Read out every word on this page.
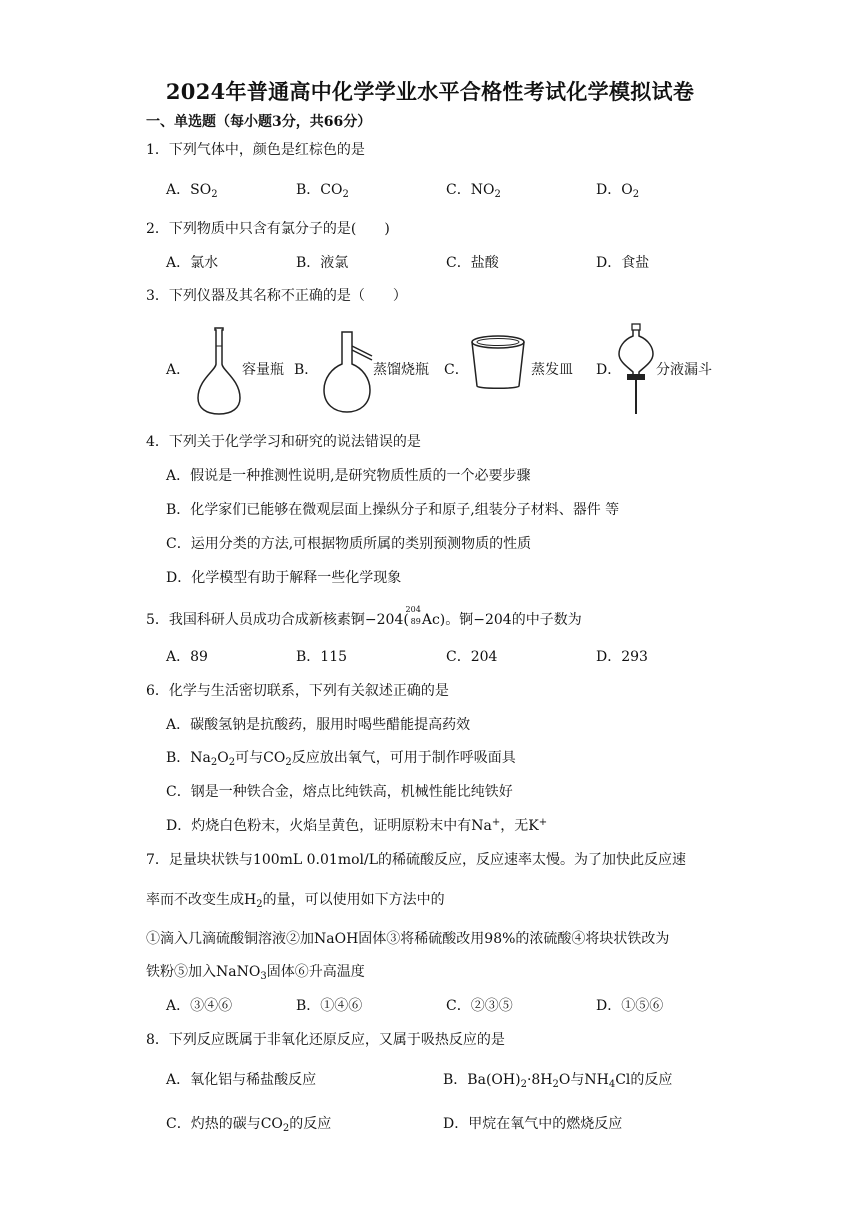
2024年普通高中化学学业水平合格性考试化学模拟试卷
一、单选题（每小题3分，共66分）
1．下列气体中，颜色是红棕色的是
A．$SO_2$	B．$CO_2$	C．$NO_2$	D．$O_2$
2．下列物质中只含有氯分子的是(　　)
A．氯水	B．液氯	C．盐酸	D．食盐
3．下列仪器及其名称不正确的是（　　）
A．	容量瓶 B．	蒸馏烧瓶 C．	蒸发皿 D． 分液漏斗
4．下列关于化学学习和研究的说法错误的是
A．假说是一种推测性说明,是研究物质性质的一个必要步骤
B．化学家们已能够在微观层面上操纵分子和原子,组装分子材料、器件 等
C．运用分类的方法,可根据物质所属的类别预测物质的性质
D．化学模型有助于解释一些化学现象
5．我国科研人员成功合成新核素锕−204(
204
89 Ac)。锕−204的中子数为
A．89	B．115	C．204	D．293
6．化学与生活密切联系，下列有关叙述正确的是
A．碳酸氢钠是抗酸药，服用时喝些醋能提高药效
B．$Na_2O_2$可与$CO_2$反应放出氧气，可用于制作呼吸面具
C．钢是一种铁合金，熔点比纯铁高，机械性能比纯铁好
D．灼烧白色粉末，火焰呈黄色，证明原粉末中有Na+，无K+
7．足量块状铁与100mL 0.01mol/L的稀硫酸反应，反应速率太慢。为了加快此反应速
率而不改变生成$H_2$的量，可以使用如下方法中的
①滴入几滴硫酸铜溶液②加NaOH固体③将稀硫酸改用98%的浓硫酸④将块状铁改为
铁粉⑤加入NaNO$_3$固体⑥升高温度
A．③④⑥	B．①④⑥	C．②③⑤	D．①⑤⑥
8．下列反应既属于非氧化还原反应，又属于吸热反应的是
A．氧化铝与稀盐酸反应	B．$Ba(OH)_2\cdot 8H_2O$与$NH_4Cl$的反应
C．灼热的碳与$CO_2$的反应	D．甲烷在氧气中的燃烧反应
